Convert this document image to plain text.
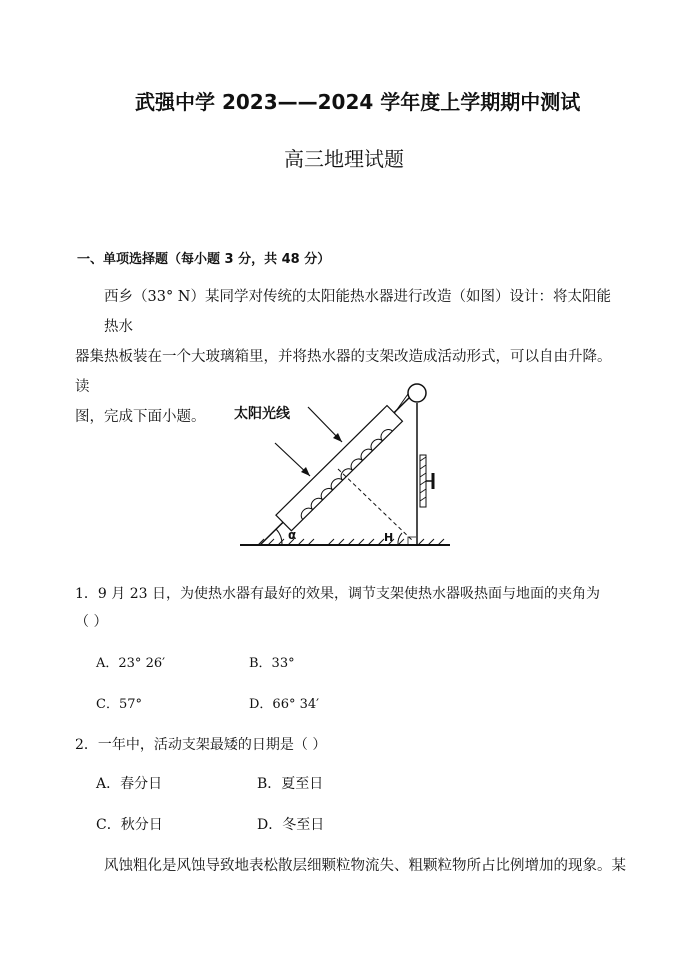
武强中学 2023——2024 学年度上学期期中测试
高三地理试题
一、单项选择题（每小题 3 分，共 48 分）
西乡（33° N）某同学对传统的太阳能热水器进行改造（如图）设计：将太阳能热水
器集热板装在一个大玻璃箱里，并将热水器的支架改造成活动形式，可以自由升降。读
图，完成下面小题。	太阳光线
α	H
1．9 月 23 日，为使热水器有最好的效果，调节支架使热水器吸热面与地面的夹角为
（ ）
A．23° 26′	B．33°
C．57°	D．66° 34′
2．一年中，活动支架最矮的日期是（ ）
A．春分日	B．夏至日
C．秋分日	D．冬至日
风蚀粗化是风蚀导致地表松散层细颗粒物流失、粗颗粒物所占比例增加的现象。某
